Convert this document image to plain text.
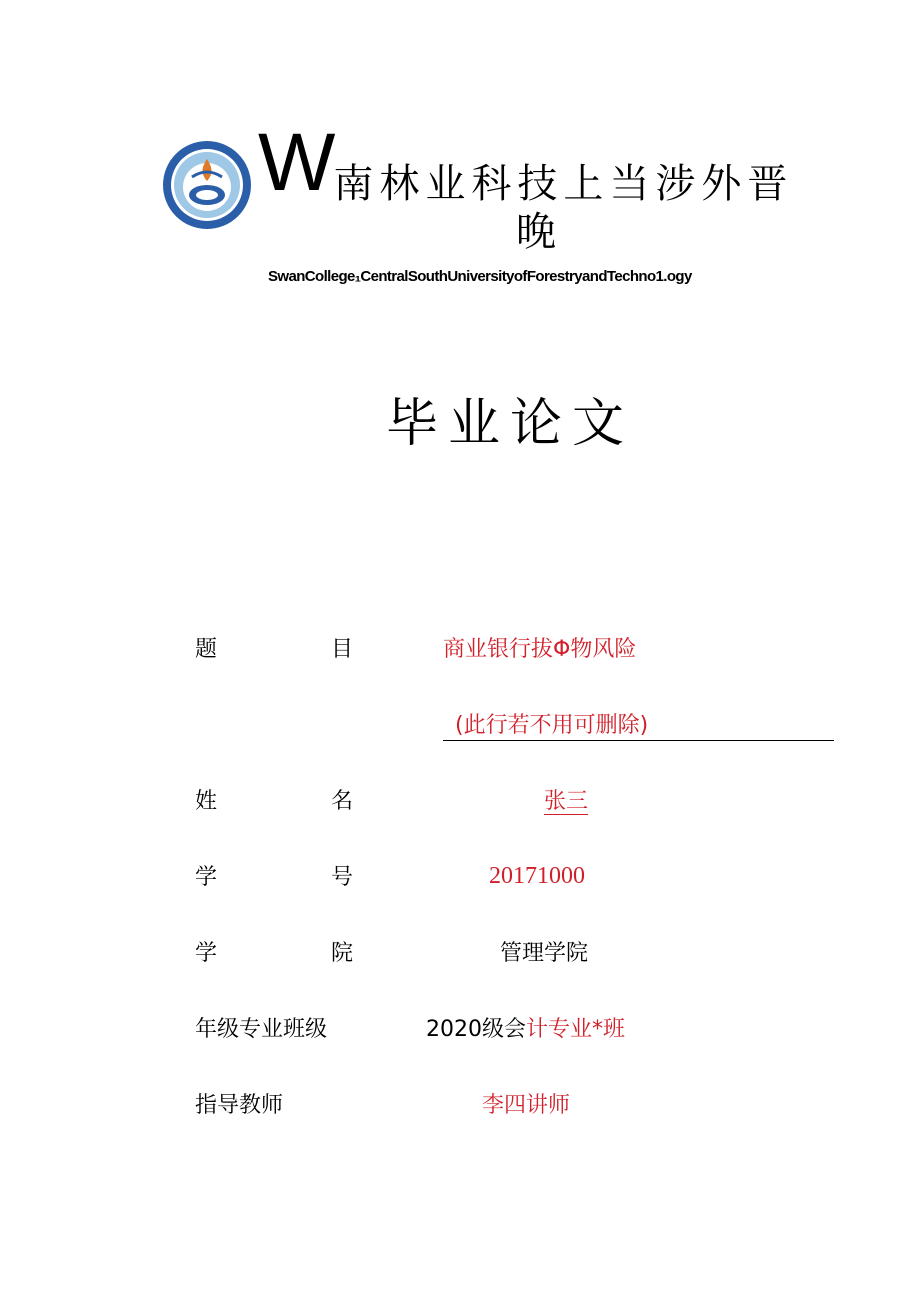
W南林业科技上当涉外晋
晚
SwanCollege₁CentralSouthUniversityofForestryandTechno1.ogy
毕业论文
题	目	商业银行拔Φ物风险
(此行若不用可删除)
姓	名	张三
学	号	20171000
学	院	管理学院
年级专业班级	2020级会计专业*班
指导教师	李四讲师
